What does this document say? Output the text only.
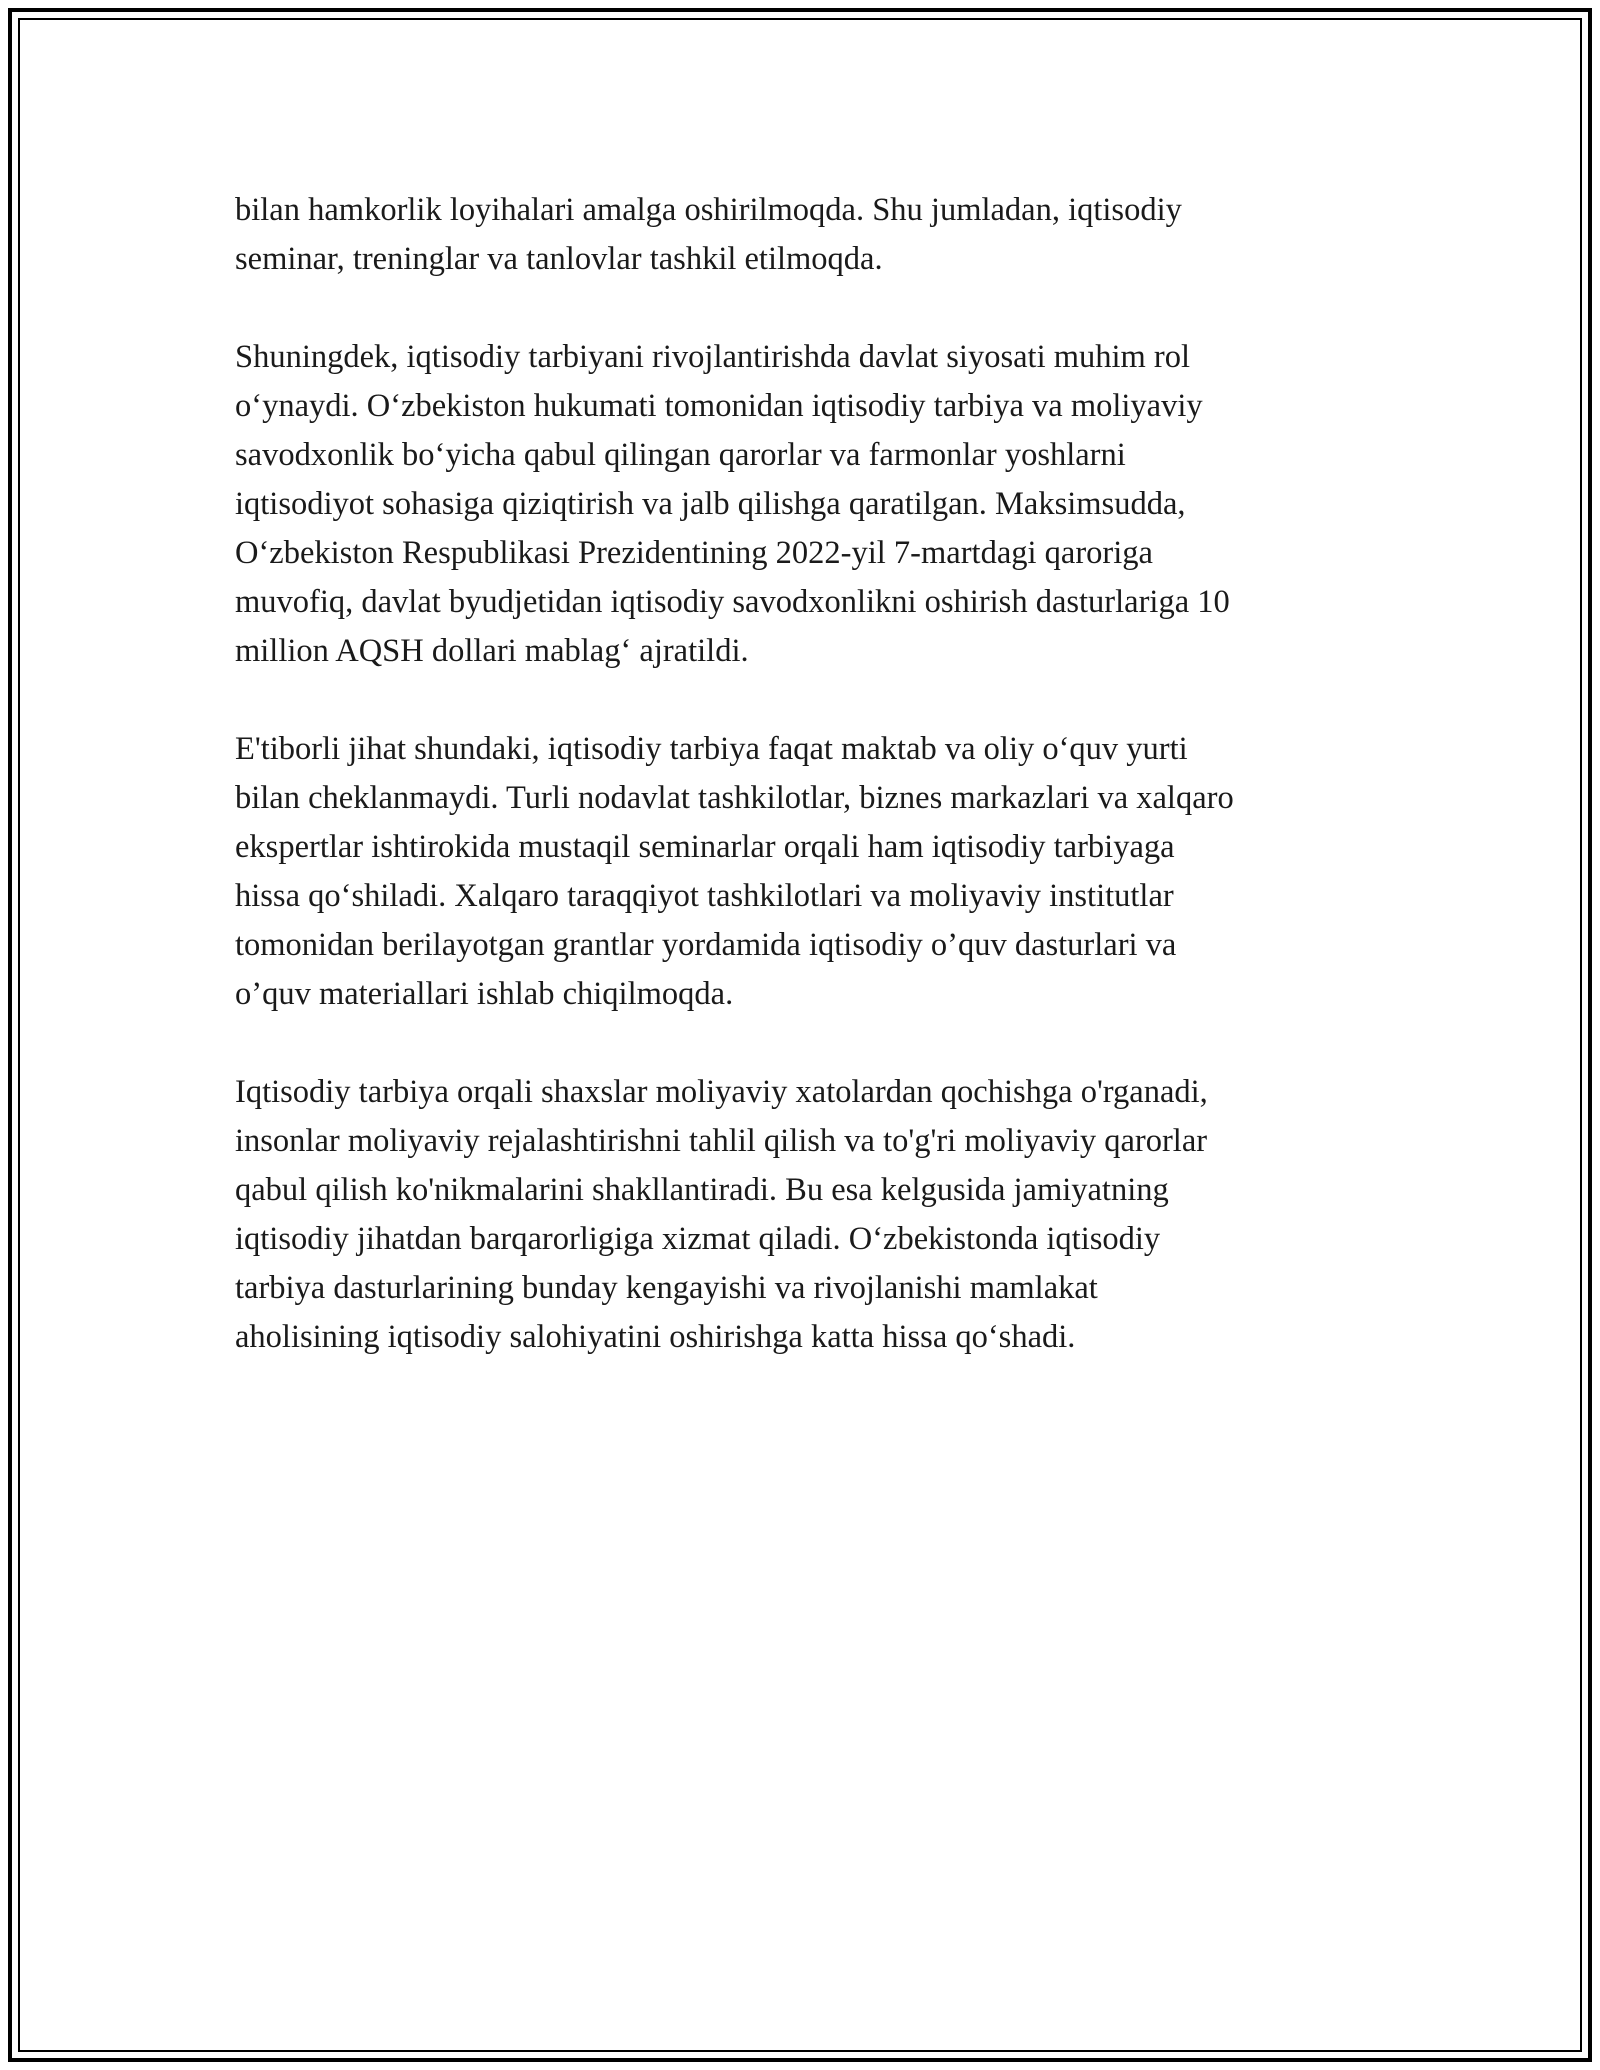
bilan hamkorlik loyihalari amalga oshirilmoqda. Shu jumladan, iqtisodiy
seminar, treninglar va tanlovlar tashkil etilmoqda.

Shuningdek, iqtisodiy tarbiyani rivojlantirishda davlat siyosati muhim rol
o‘ynaydi. O‘zbekiston hukumati tomonidan iqtisodiy tarbiya va moliyaviy
savodxonlik bo‘yicha qabul qilingan qarorlar va farmonlar yoshlarni
iqtisodiyot sohasiga qiziqtirish va jalb qilishga qaratilgan. Maksimsudda,
O‘zbekiston Respublikasi Prezidentining 2022-yil 7-martdagi qaroriga
muvofiq, davlat byudjetidan iqtisodiy savodxonlikni oshirish dasturlariga 10
million AQSH dollari mablag‘ ajratildi.

E'tiborli jihat shundaki, iqtisodiy tarbiya faqat maktab va oliy o‘quv yurti
bilan cheklanmaydi. Turli nodavlat tashkilotlar, biznes markazlari va xalqaro
ekspertlar ishtirokida mustaqil seminarlar orqali ham iqtisodiy tarbiyaga
hissa qo‘shiladi. Xalqaro taraqqiyot tashkilotlari va moliyaviy institutlar
tomonidan berilayotgan grantlar yordamida iqtisodiy o’quv dasturlari va
o’quv materiallari ishlab chiqilmoqda.

Iqtisodiy tarbiya orqali shaxslar moliyaviy xatolardan qochishga o'rganadi,
insonlar moliyaviy rejalashtirishni tahlil qilish va to'g'ri moliyaviy qarorlar
qabul qilish ko'nikmalarini shakllantiradi. Bu esa kelgusida jamiyatning
iqtisodiy jihatdan barqarorligiga xizmat qiladi. O‘zbekistonda iqtisodiy
tarbiya dasturlarining bunday kengayishi va rivojlanishi mamlakat
aholisining iqtisodiy salohiyatini oshirishga katta hissa qo‘shadi.
